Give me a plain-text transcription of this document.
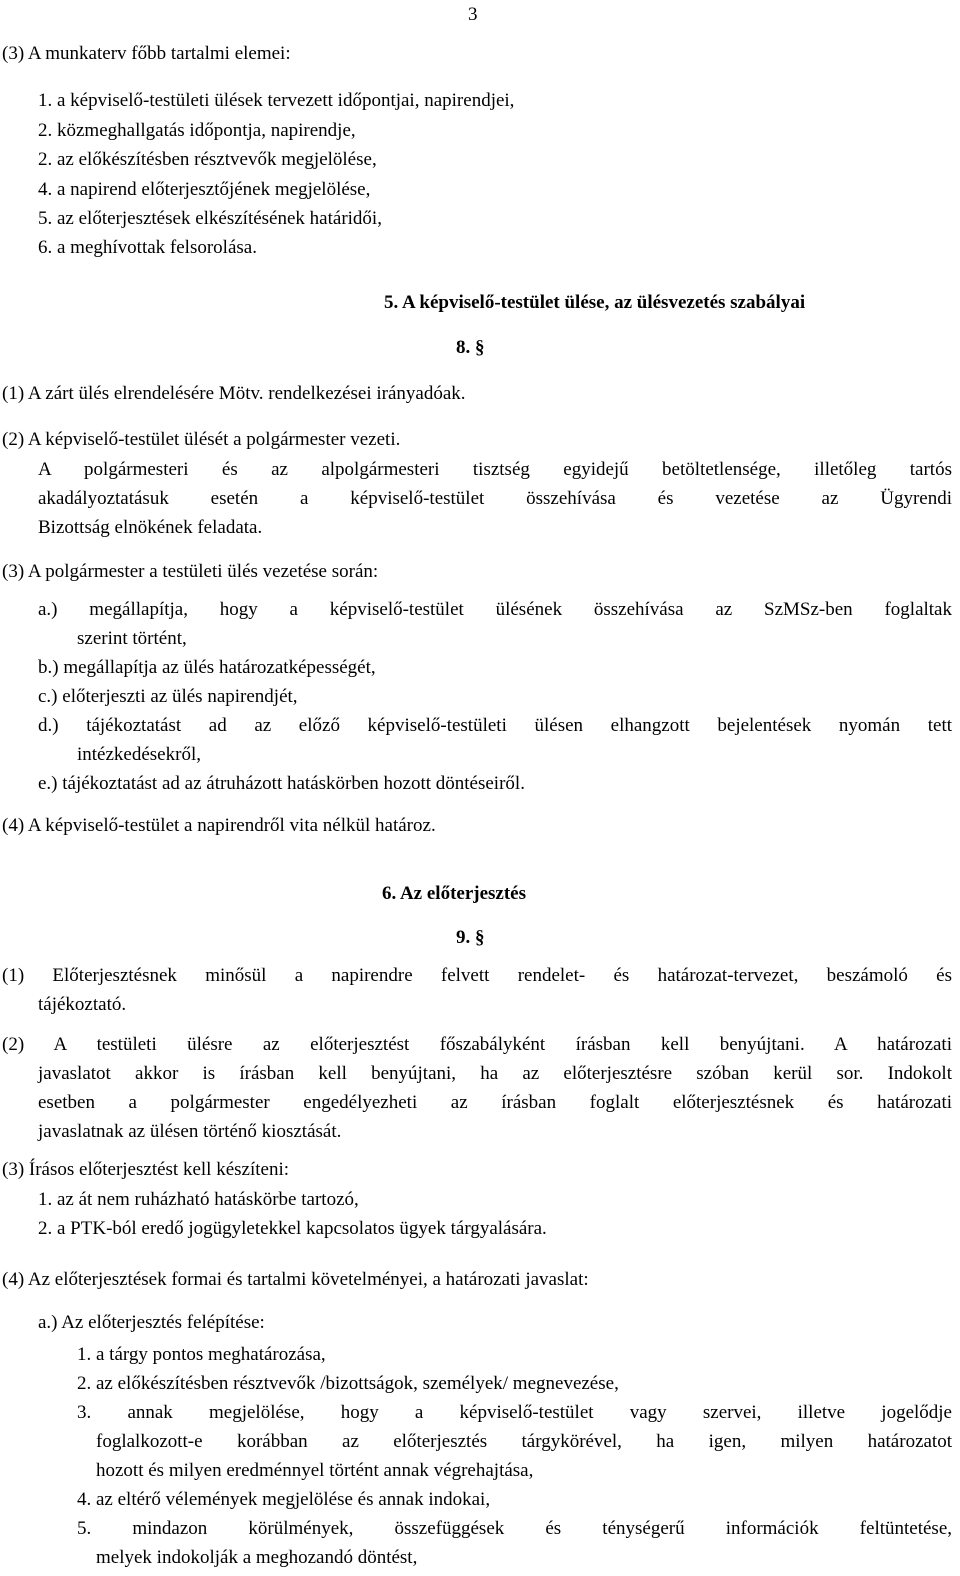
3
(3) A munkaterv főbb tartalmi elemei:
1. a képviselő-testületi ülések tervezett időpontjai, napirendjei,
2. közmeghallgatás időpontja, napirendje,
2. az előkészítésben résztvevők megjelölése,
4. a napirend előterjesztőjének megjelölése,
5. az előterjesztések elkészítésének határidői,
6. a meghívottak felsorolása.
5. A képviselő-testület ülése, az ülésvezetés szabályai
8. §
(1) A zárt ülés elrendelésére Mötv. rendelkezései irányadóak.
(2) A képviselő-testület ülését a polgármester vezeti.
A polgármesteri és az alpolgármesteri tisztség egyidejű betöltetlensége, illetőleg tartós
akadályoztatásuk esetén a képviselő-testület összehívása és vezetése az Ügyrendi
Bizottság elnökének feladata.
(3) A polgármester a testületi ülés vezetése során:
a.) megállapítja, hogy a képviselő-testület ülésének összehívása az SzMSz-ben foglaltak
szerint történt,
b.) megállapítja az ülés határozatképességét,
c.) előterjeszti az ülés napirendjét,
d.) tájékoztatást ad az előző képviselő-testületi ülésen elhangzott bejelentések nyomán tett
intézkedésekről,
e.) tájékoztatást ad az átruházott hatáskörben hozott döntéseiről.
(4) A képviselő-testület a napirendről vita nélkül határoz.
6. Az előterjesztés
9. §
(1) Előterjesztésnek minősül a napirendre felvett rendelet- és határozat-tervezet, beszámoló és
tájékoztató.
(2) A testületi ülésre az előterjesztést főszabályként írásban kell benyújtani. A határozati
javaslatot akkor is írásban kell benyújtani, ha az előterjesztésre szóban kerül sor. Indokolt
esetben a polgármester engedélyezheti az írásban foglalt előterjesztésnek és határozati
javaslatnak az ülésen történő kiosztását.
(3) Írásos előterjesztést kell készíteni:
1. az át nem ruházható hatáskörbe tartozó,
2. a PTK-ból eredő jogügyletekkel kapcsolatos ügyek tárgyalására.
(4) Az előterjesztések formai és tartalmi követelményei, a határozati javaslat:
a.) Az előterjesztés felépítése:
1. a tárgy pontos meghatározása,
2. az előkészítésben résztvevők /bizottságok, személyek/ megnevezése,
3. annak megjelölése, hogy a képviselő-testület vagy szervei, illetve jogelődje
foglalkozott-e korábban az előterjesztés tárgykörével, ha igen, milyen határozatot
hozott és milyen eredménnyel történt annak végrehajtása,
4. az eltérő vélemények megjelölése és annak indokai,
5. mindazon körülmények, összefüggések és ténységerű információk feltüntetése,
melyek indokolják a meghozandó döntést,
